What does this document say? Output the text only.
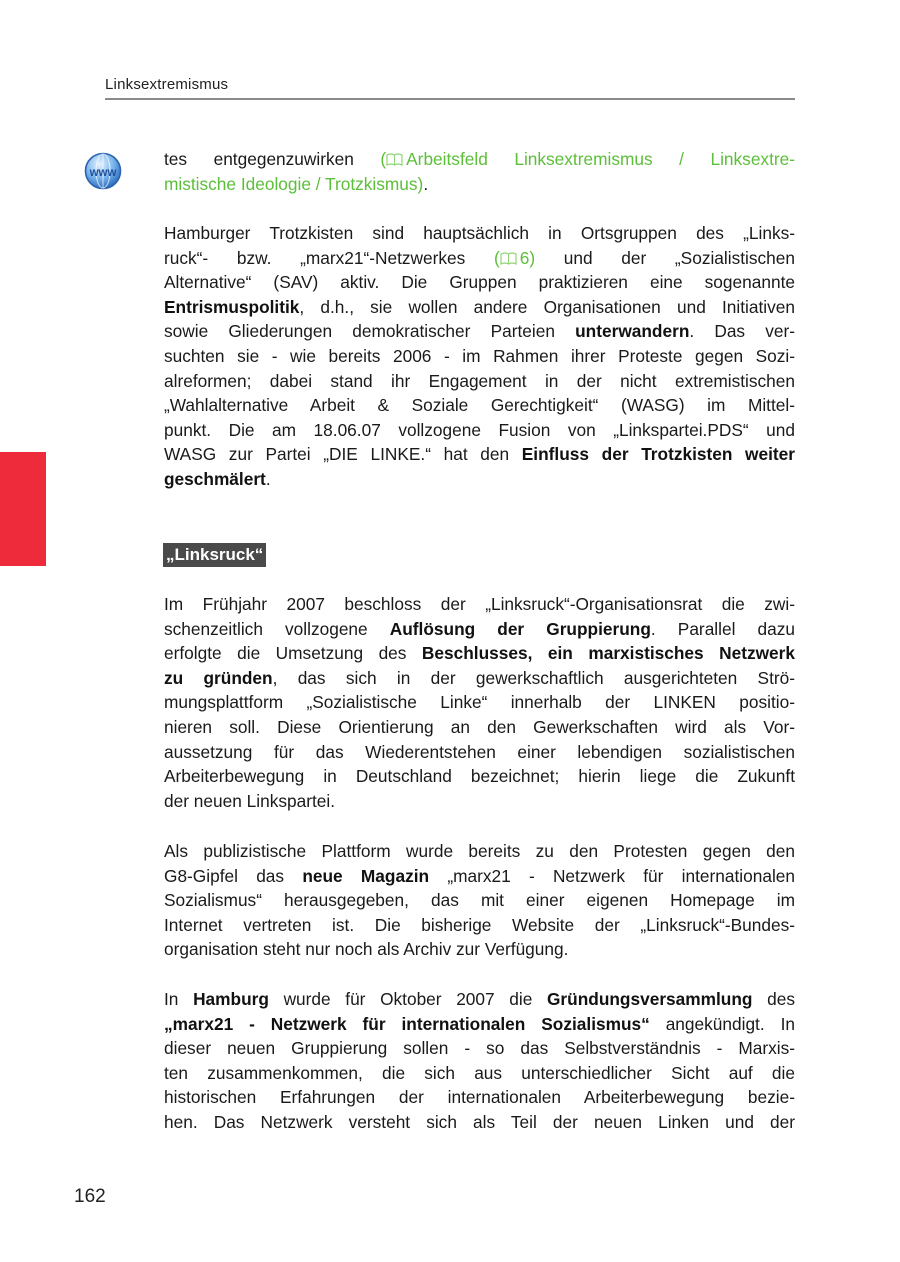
Linksextremismus
www
tes entgegenzuwirken ( Arbeitsfeld Linksextremismus / Linksextre-
mistische Ideologie / Trotzkismus).
Hamburger Trotzkisten sind hauptsächlich in Ortsgruppen des „Links-
ruck“- bzw. „marx21“-Netzwerkes ( 6) und der „Sozialistischen
Alternative“ (SAV) aktiv. Die Gruppen praktizieren eine sogenannte
Entrismuspolitik, d.h., sie wollen andere Organisationen und Initiativen
sowie Gliederungen demokratischer Parteien unterwandern. Das ver-
suchten sie - wie bereits 2006 - im Rahmen ihrer Proteste gegen Sozi-
alreformen; dabei stand ihr Engagement in der nicht extremistischen
„Wahlalternative Arbeit & Soziale Gerechtigkeit“ (WASG) im Mittel-
punkt. Die am 18.06.07 vollzogene Fusion von „Linkspartei.PDS“ und
WASG zur Partei „DIE LINKE.“ hat den Einfluss der Trotzkisten weiter
geschmälert.
„Linksruck“
Im Frühjahr 2007 beschloss der „Linksruck“-Organisationsrat die zwi-
schenzeitlich vollzogene Auflösung der Gruppierung. Parallel dazu
erfolgte die Umsetzung des Beschlusses, ein marxistisches Netzwerk
zu gründen, das sich in der gewerkschaftlich ausgerichteten Strö-
mungsplattform „Sozialistische Linke“ innerhalb der LINKEN positio-
nieren soll. Diese Orientierung an den Gewerkschaften wird als Vor-
aussetzung für das Wiederentstehen einer lebendigen sozialistischen
Arbeiterbewegung in Deutschland bezeichnet; hierin liege die Zukunft
der neuen Linkspartei.
Als publizistische Plattform wurde bereits zu den Protesten gegen den
G8-Gipfel das neue Magazin „marx21 - Netzwerk für internationalen
Sozialismus“ herausgegeben, das mit einer eigenen Homepage im
Internet vertreten ist. Die bisherige Website der „Linksruck“-Bundes-
organisation steht nur noch als Archiv zur Verfügung.
In Hamburg wurde für Oktober 2007 die Gründungsversammlung des
„marx21 - Netzwerk für internationalen Sozialismus“ angekündigt. In
dieser neuen Gruppierung sollen - so das Selbstverständnis - Marxis-
ten zusammenkommen, die sich aus unterschiedlicher Sicht auf die
historischen Erfahrungen der internationalen Arbeiterbewegung bezie-
hen. Das Netzwerk versteht sich als Teil der neuen Linken und der
162
